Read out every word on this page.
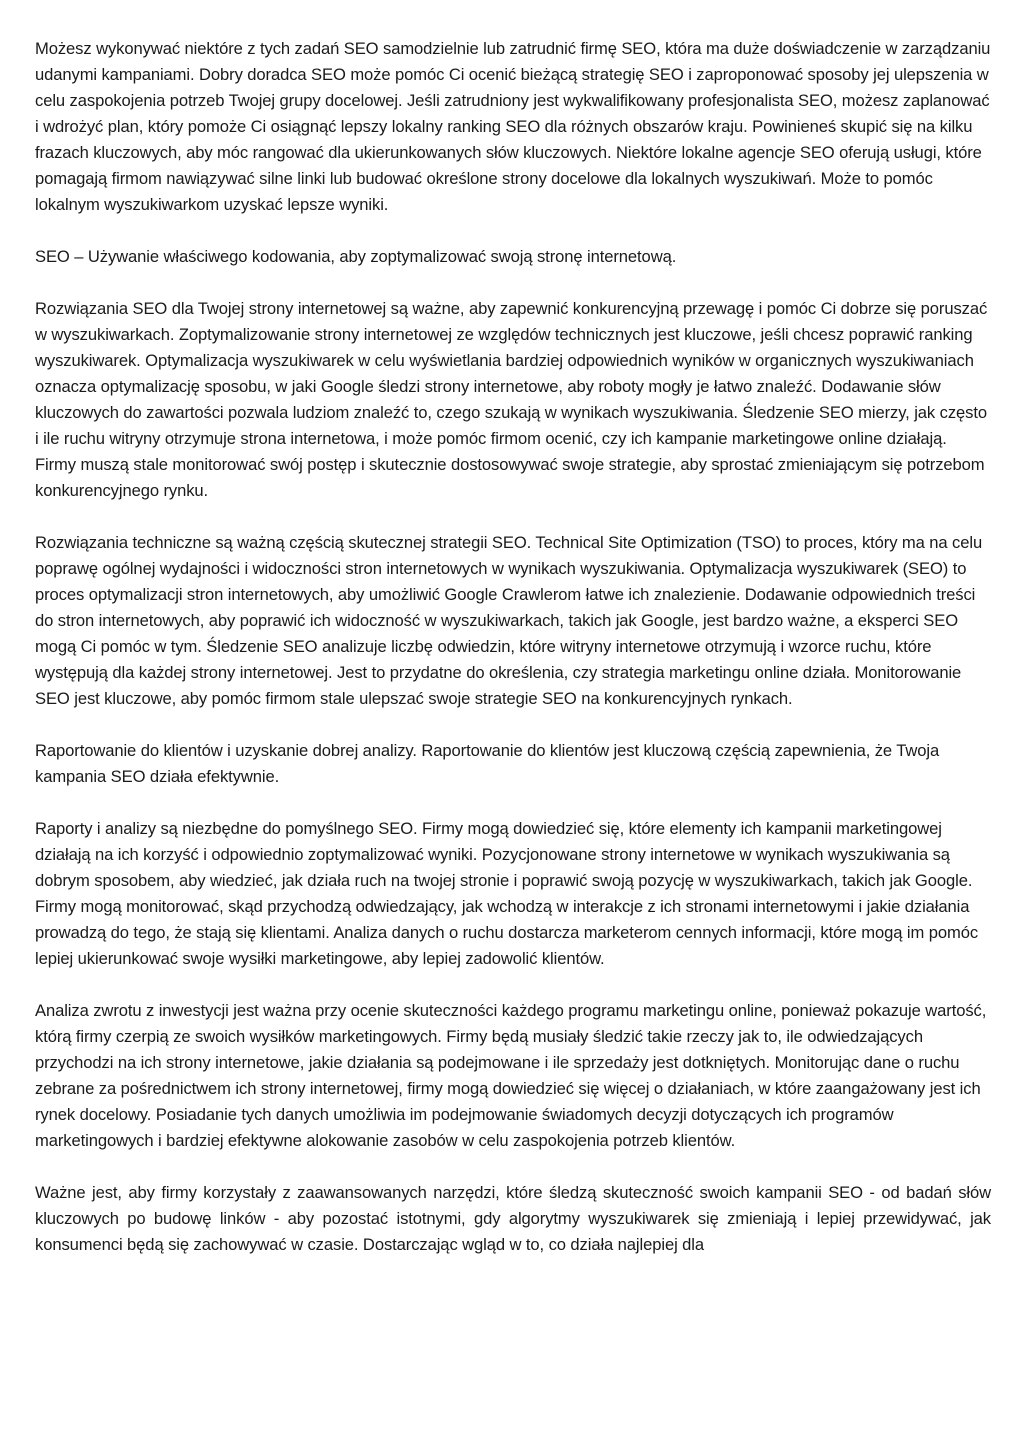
Możesz wykonywać niektóre z tych zadań SEO samodzielnie lub zatrudnić firmę SEO, która ma duże doświadczenie w zarządzaniu udanymi kampaniami. Dobry doradca SEO może pomóc Ci ocenić bieżącą strategię SEO i zaproponować sposoby jej ulepszenia w celu zaspokojenia potrzeb Twojej grupy docelowej. Jeśli zatrudniony jest wykwalifikowany profesjonalista SEO, możesz zaplanować i wdrożyć plan, który pomoże Ci osiągnąć lepszy lokalny ranking SEO dla różnych obszarów kraju. Powinieneś skupić się na kilku frazach kluczowych, aby móc rangować dla ukierunkowanych słów kluczowych. Niektóre lokalne agencje SEO oferują usługi, które pomagają firmom nawiązywać silne linki lub budować określone strony docelowe dla lokalnych wyszukiwań. Może to pomóc lokalnym wyszukiwarkom uzyskać lepsze wyniki.

SEO – Używanie właściwego kodowania, aby zoptymalizować swoją stronę internetową.

Rozwiązania SEO dla Twojej strony internetowej są ważne, aby zapewnić konkurencyjną przewagę i pomóc Ci dobrze się poruszać w wyszukiwarkach. Zoptymalizowanie strony internetowej ze względów technicznych jest kluczowe, jeśli chcesz poprawić ranking wyszukiwarek. Optymalizacja wyszukiwarek w celu wyświetlania bardziej odpowiednich wyników w organicznych wyszukiwaniach oznacza optymalizację sposobu, w jaki Google śledzi strony internetowe, aby roboty mogły je łatwo znaleźć. Dodawanie słów kluczowych do zawartości pozwala ludziom znaleźć to, czego szukają w wynikach wyszukiwania. Śledzenie SEO mierzy, jak często i ile ruchu witryny otrzymuje strona internetowa, i może pomóc firmom ocenić, czy ich kampanie marketingowe online działają. Firmy muszą stale monitorować swój postęp i skutecznie dostosowywać swoje strategie, aby sprostać zmieniającym się potrzebom konkurencyjnego rynku.

Rozwiązania techniczne są ważną częścią skutecznej strategii SEO. Technical Site Optimization (TSO) to proces, który ma na celu poprawę ogólnej wydajności i widoczności stron internetowych w wynikach wyszukiwania. Optymalizacja wyszukiwarek (SEO) to proces optymalizacji stron internetowych, aby umożliwić Google Crawlerom łatwe ich znalezienie. Dodawanie odpowiednich treści do stron internetowych, aby poprawić ich widoczność w wyszukiwarkach, takich jak Google, jest bardzo ważne, a eksperci SEO mogą Ci pomóc w tym. Śledzenie SEO analizuje liczbę odwiedzin, które witryny internetowe otrzymują i wzorce ruchu, które występują dla każdej strony internetowej. Jest to przydatne do określenia, czy strategia marketingu online działa. Monitorowanie SEO jest kluczowe, aby pomóc firmom stale ulepszać swoje strategie SEO na konkurencyjnych rynkach.

Raportowanie do klientów i uzyskanie dobrej analizy. Raportowanie do klientów jest kluczową częścią zapewnienia, że Twoja kampania SEO działa efektywnie.

Raporty i analizy są niezbędne do pomyślnego SEO. Firmy mogą dowiedzieć się, które elementy ich kampanii marketingowej działają na ich korzyść i odpowiednio zoptymalizować wyniki. Pozycjonowane strony internetowe w wynikach wyszukiwania są dobrym sposobem, aby wiedzieć, jak działa ruch na twojej stronie i poprawić swoją pozycję w wyszukiwarkach, takich jak Google. Firmy mogą monitorować, skąd przychodzą odwiedzający, jak wchodzą w interakcje z ich stronami internetowymi i jakie działania prowadzą do tego, że stają się klientami. Analiza danych o ruchu dostarcza marketerom cennych informacji, które mogą im pomóc lepiej ukierunkować swoje wysiłki marketingowe, aby lepiej zadowolić klientów.

Analiza zwrotu z inwestycji jest ważna przy ocenie skuteczności każdego programu marketingu online, ponieważ pokazuje wartość, którą firmy czerpią ze swoich wysiłków marketingowych. Firmy będą musiały śledzić takie rzeczy jak to, ile odwiedzających przychodzi na ich strony internetowe, jakie działania są podejmowane i ile sprzedaży jest dotkniętych. Monitorując dane o ruchu zebrane za pośrednictwem ich strony internetowej, firmy mogą dowiedzieć się więcej o działaniach, w które zaangażowany jest ich rynek docelowy. Posiadanie tych danych umożliwia im podejmowanie świadomych decyzji dotyczących ich programów marketingowych i bardziej efektywne alokowanie zasobów w celu zaspokojenia potrzeb klientów.

Ważne jest, aby firmy korzystały z zaawansowanych narzędzi, które śledzą skuteczność swoich kampanii SEO - od badań słów kluczowych po budowę linków - aby pozostać istotnymi, gdy algorytmy wyszukiwarek się zmieniają i lepiej przewidywać, jak konsumenci będą się zachowywać w czasie. Dostarczając wgląd w to, co działa najlepiej dla
